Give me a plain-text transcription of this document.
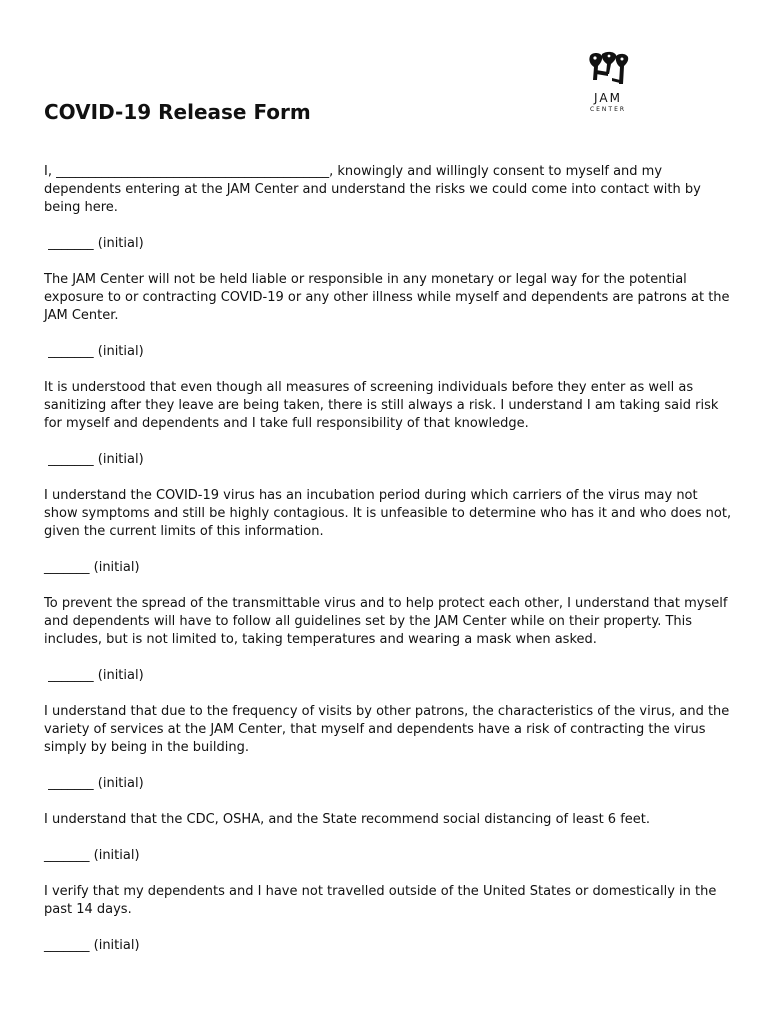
JAM
CENTER
COVID-19 Release Form

I, __________________________________________, knowingly and willingly consent to myself and my dependents entering at the JAM Center and understand the risks we could come into contact with by being here.

_______ (initial)

The JAM Center will not be held liable or responsible in any monetary or legal way for the potential exposure to or contracting COVID-19 or any other illness while myself and dependents are patrons at the JAM Center.

_______ (initial)

It is understood that even though all measures of screening individuals before they enter as well as sanitizing after they leave are being taken, there is still always a risk. I understand I am taking said risk for myself and dependents and I take full responsibility of that knowledge.

_______ (initial)

I understand the COVID-19 virus has an incubation period during which carriers of the virus may not show symptoms and still be highly contagious. It is unfeasible to determine who has it and who does not, given the current limits of this information.

_______ (initial)

To prevent the spread of the transmittable virus and to help protect each other, I understand that myself and dependents will have to follow all guidelines set by the JAM Center while on their property. This includes, but is not limited to, taking temperatures and wearing a mask when asked.

_______ (initial)

I understand that due to the frequency of visits by other patrons, the characteristics of the virus, and the variety of services at the JAM Center, that myself and dependents have a risk of contracting the virus simply by being in the building.

_______ (initial)

I understand that the CDC, OSHA, and the State recommend social distancing of least 6 feet.

_______ (initial)

I verify that my dependents and I have not travelled outside of the United States or domestically in the past 14 days.

_______ (initial)
